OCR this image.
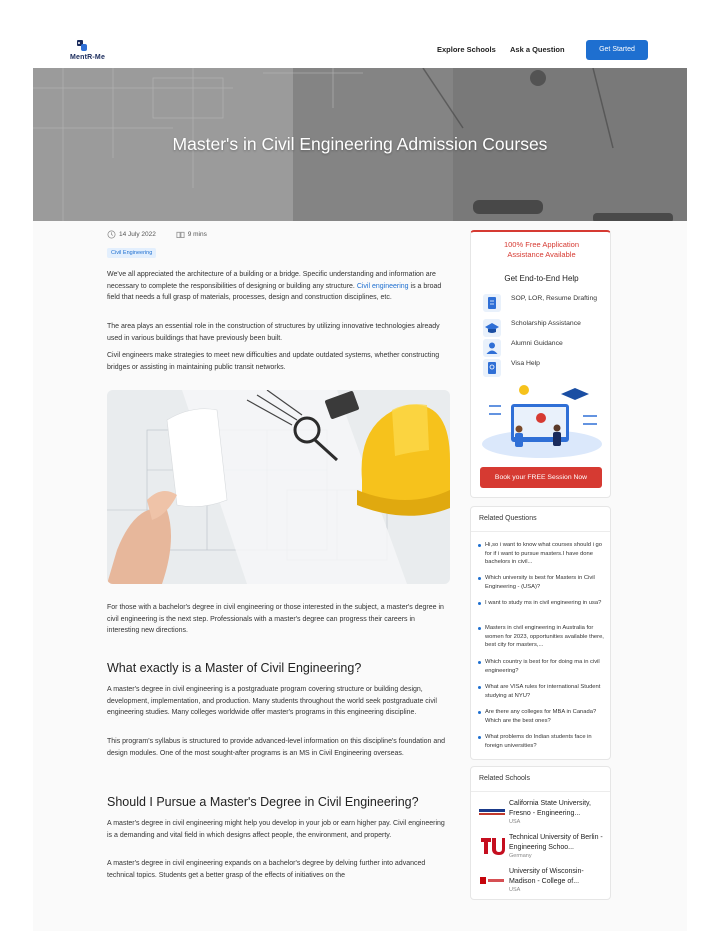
MentR-Me
Explore Schools Ask a Question	Get Started
Master's in Civil Engineering Admission Courses
14 July 2022	9 mins
Civil Engineering
We've all appreciated the architecture of a building or a bridge. Specific understanding and information are necessary to complete the responsibilities of designing or building any structure. Civil engineering is a broad field that needs a full grasp of materials, processes, design and construction disciplines, etc.
The area plays an essential role in the construction of structures by utilizing innovative technologies already used in various buildings that have previously been built.
Civil engineers make strategies to meet new difficulties and update outdated systems, whether constructing bridges or assisting in maintaining public transit networks.
For those with a bachelor's degree in civil engineering or those interested in the subject, a master's degree in civil engineering is the next step. Professionals with a master's degree can progress their careers in interesting new directions.
What exactly is a Master of Civil Engineering?
A master's degree in civil engineering is a postgraduate program covering structure or building design, development, implementation, and production. Many students throughout the world seek postgraduate civil engineering studies. Many colleges worldwide offer master's programs in this engineering discipline.
This program's syllabus is structured to provide advanced-level information on this discipline's foundation and design modules. One of the most sought-after programs is an MS in Civil Engineering overseas.
Should I Pursue a Master's Degree in Civil Engineering?
A master's degree in civil engineering might help you develop in your job or earn higher pay. Civil engineering is a demanding and vital field in which designs affect people, the environment, and property.
A master's degree in civil engineering expands on a bachelor's degree by delving further into advanced technical topics. Students get a better grasp of the effects of initiatives on the
100% Free Application
Assistance Available
Get End-to-End Help
SOP, LOR, Resume Drafting
Scholarship Assistance
Alumni Guidance
Visa Help
Book your FREE Session Now
Related Questions
Hi,so i want to know what courses should i go for if i want to pursue masters.I have done bachelors in civil...
Which university is best for Masters in Civil Engineering - (USA)?
I want to study ms in civil engineering in usa?
Masters in civil engineering in Australia for women for 2023, opportunities available there, best city for masters,...
Which country is best for for doing ma in civil engineering?
What are VISA rules for international Student studying at NYU?
Are there any colleges for MBA in Canada?Which are the best ones?
What problems do Indian students face in foreign universities?
Related Schools
California State University, Fresno - Engineering...
USA
Technical University of Berlin - Engineering Schoo...
Germany
University of Wisconsin-Madison - College of...
USA
